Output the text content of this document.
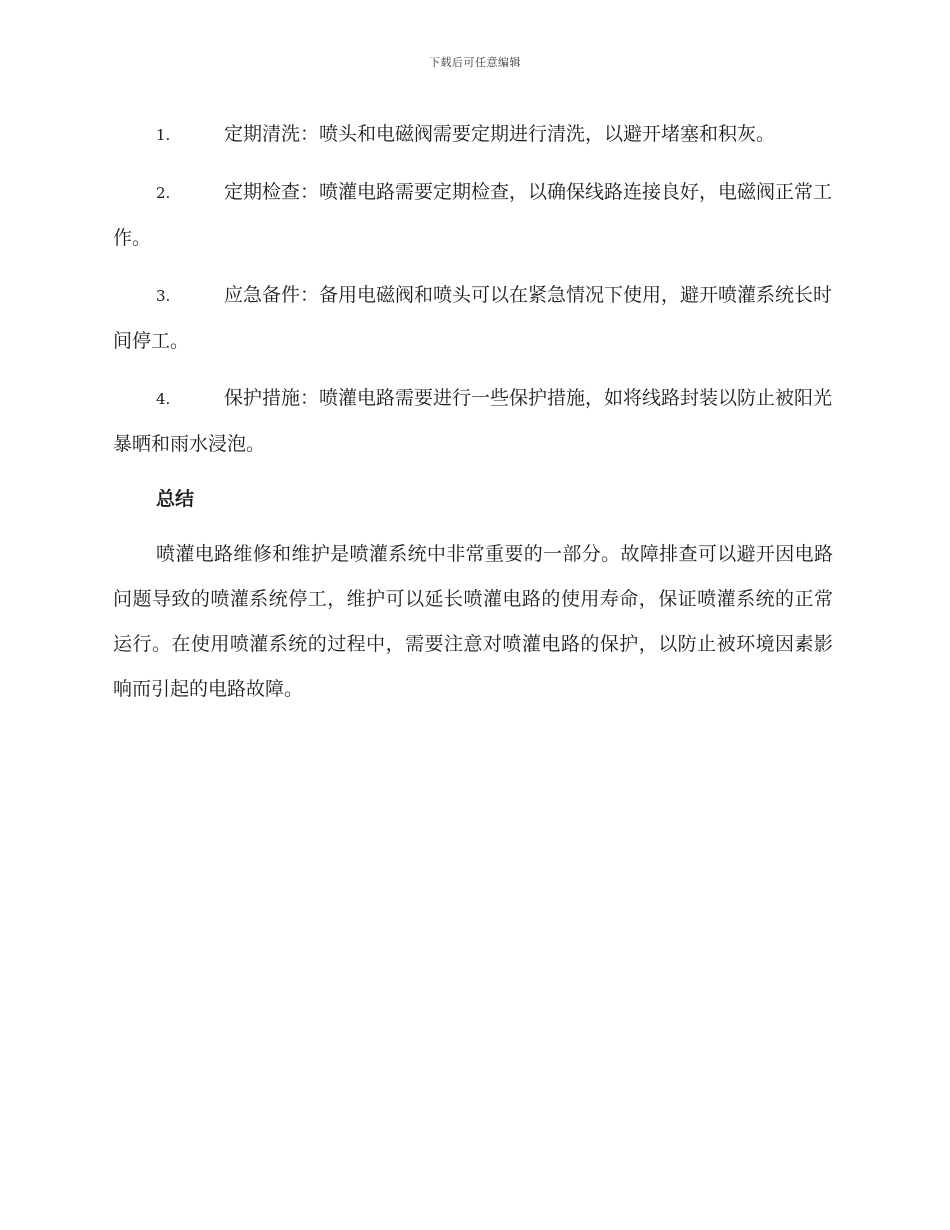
下载后可任意编辑

1.	定期清洗：喷头和电磁阀需要定期进行清洗，以避开堵塞和积灰。

2.	定期检查：喷灌电路需要定期检查，以确保线路连接良好，电磁阀正常工作。

3.	应急备件：备用电磁阀和喷头可以在紧急情况下使用，避开喷灌系统长时间停工。

4.	保护措施：喷灌电路需要进行一些保护措施，如将线路封装以防止被阳光暴晒和雨水浸泡。

总结

喷灌电路维修和维护是喷灌系统中非常重要的一部分。故障排查可以避开因电路问题导致的喷灌系统停工，维护可以延长喷灌电路的使用寿命，保证喷灌系统的正常运行。在使用喷灌系统的过程中，需要注意对喷灌电路的保护，以防止被环境因素影响而引起的电路故障。
